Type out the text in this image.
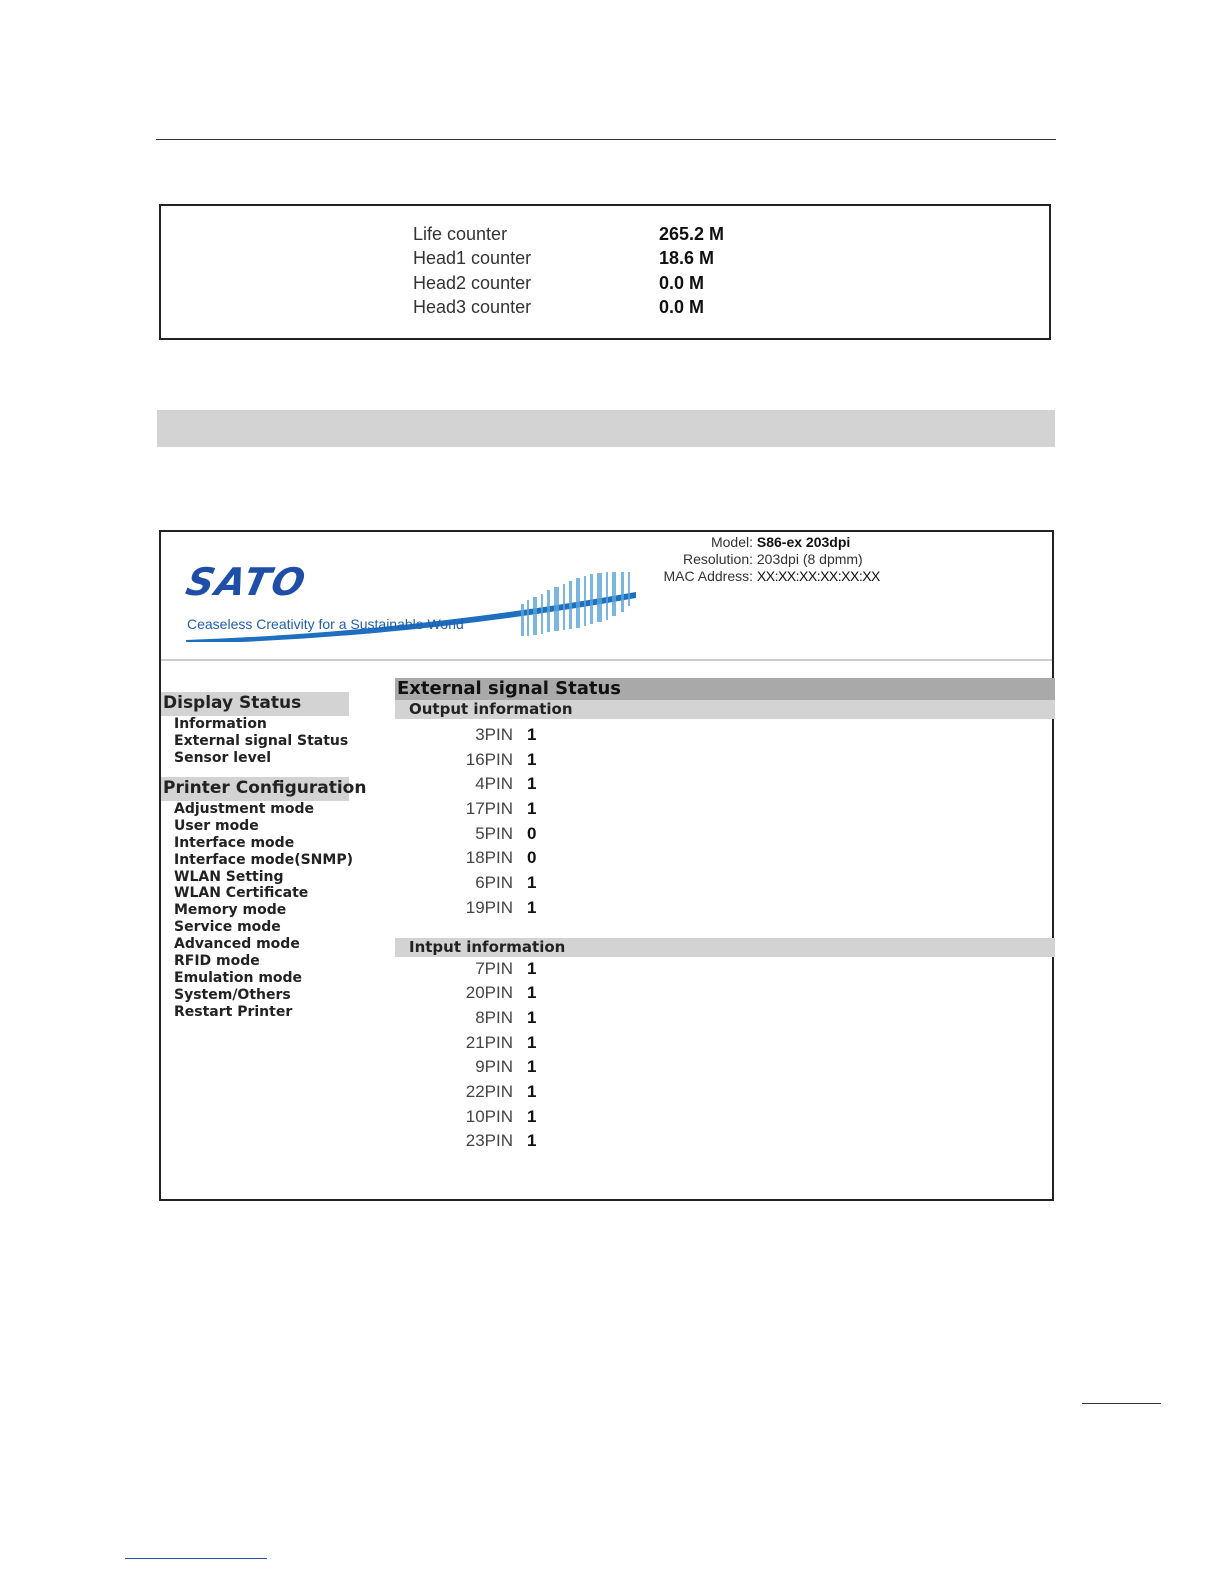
Life counter	265.2 M
Head1 counter	18.6 M
Head2 counter	0.0 M
Head3 counter	0.0 M
SATO
Ceaseless Creativity for a Sustainable World
Model: S86-ex 203dpi
Resolution: 203dpi (8 dpmm)
MAC Address: XX:XX:XX:XX:XX:XX
Display Status
Information
External signal Status
Sensor level
Printer Configuration
Adjustment mode
User mode
Interface mode
Interface mode(SNMP)
WLAN Setting
WLAN Certificate
Memory mode
Service mode
Advanced mode
RFID mode
Emulation mode
System/Others
Restart Printer
External signal Status
Output information
3PIN 1
16PIN 1
4PIN 1
17PIN 1
5PIN 0
18PIN 0
6PIN 1
19PIN 1
Intput information
7PIN 1
20PIN 1
8PIN 1
21PIN 1
9PIN 1
22PIN 1
10PIN 1
23PIN 1
